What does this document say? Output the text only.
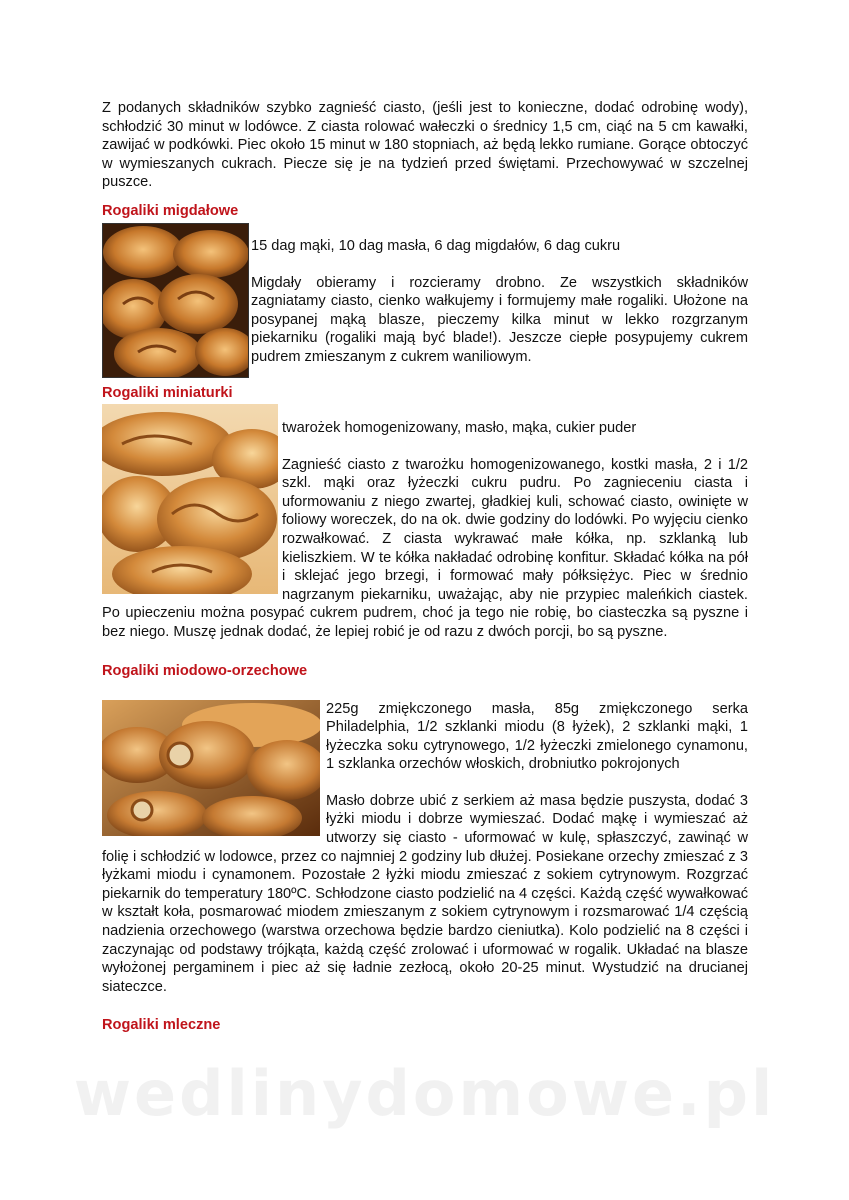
Z podanych składników szybko zagnieść ciasto, (jeśli jest to konieczne, dodać odrobinę wody), schłodzić 30 minut w lodówce. Z ciasta rolować wałeczki o średnicy 1,5 cm, ciąć na 5 cm kawałki, zawijać w podkówki. Piec około 15 minut w 180 stopniach, aż będą lekko rumiane. Gorące obtoczyć w wymieszanych cukrach. Piecze się je na tydzień przed świętami. Przechowywać w szczelnej puszce.

Rogaliki migdałowe

15 dag mąki, 10 dag masła, 6 dag migdałów, 6 dag cukru

Migdały obieramy i rozcieramy drobno. Ze wszystkich składników zagniatamy ciasto, cienko wałkujemy i formujemy małe rogaliki. Ułożone na posypanej mąką blasze, pieczemy kilka minut w lekko rozgrzanym piekarniku (rogaliki mają być blade!). Jeszcze ciepłe posypujemy cukrem pudrem zmieszanym z cukrem waniliowym.

Rogaliki miniaturki

twarożek homogenizowany, masło, mąka, cukier puder

Zagnieść ciasto z twarożku homogenizowanego, kostki masła, 2 i 1/2 szkl. mąki oraz łyżeczki cukru pudru. Po zagnieceniu ciasta i uformowaniu z niego zwartej, gładkiej kuli, schować ciasto, owinięte w foliowy woreczek, do na ok. dwie godziny do lodówki. Po wyjęciu cienko rozwałkować. Z ciasta wykrawać małe kółka, np. szklanką lub kieliszkiem. W te kółka nakładać odrobinę konfitur. Składać kółka na pół i sklejać jego brzegi, i formować mały półksiężyc. Piec w średnio nagrzanym piekarniku, uważając, aby nie przypiec maleńkich ciastek. Po upieczeniu można posypać cukrem pudrem, choć ja tego nie robię, bo ciasteczka są pyszne i bez niego. Muszę jednak dodać, że lepiej robić je od razu z dwóch porcji, bo są pyszne.

Rogaliki miodowo-orzechowe

225g zmiękczonego masła, 85g zmiękczonego serka Philadelphia, 1/2 szklanki miodu (8 łyżek), 2 szklanki mąki, 1 łyżeczka soku cytrynowego, 1/2 łyżeczki zmielonego cynamonu, 1 szklanka orzechów włoskich, drobniutko pokrojonych

Masło dobrze ubić z serkiem aż masa będzie puszysta, dodać 3 łyżki miodu i dobrze wymieszać. Dodać mąkę i wymieszać aż utworzy się ciasto - uformować w kulę, spłaszczyć, zawinąć w folię i schłodzić w lodowce, przez co najmniej 2 godziny lub dłużej. Posiekane orzechy zmieszać z 3 łyżkami miodu i cynamonem. Pozostałe 2 łyżki miodu zmieszać z sokiem cytrynowym. Rozgrzać piekarnik do temperatury 180ºC. Schłodzone ciasto podzielić na 4 części. Każdą część wywałkować w kształt koła, posmarować miodem zmieszanym z sokiem cytrynowym i rozsmarować 1/4 częścią nadzienia orzechowego (warstwa orzechowa będzie bardzo cieniutka). Kolo podzielić na 8 części i zaczynając od podstawy trójkąta, każdą część zrolować i uformować w rogalik. Układać na blasze wyłożonej pergaminem i piec aż się ładnie zezłocą, około 20-25 minut. Wystudzić na drucianej siateczce.

Rogaliki mleczne
wedlinydomowe.pl
